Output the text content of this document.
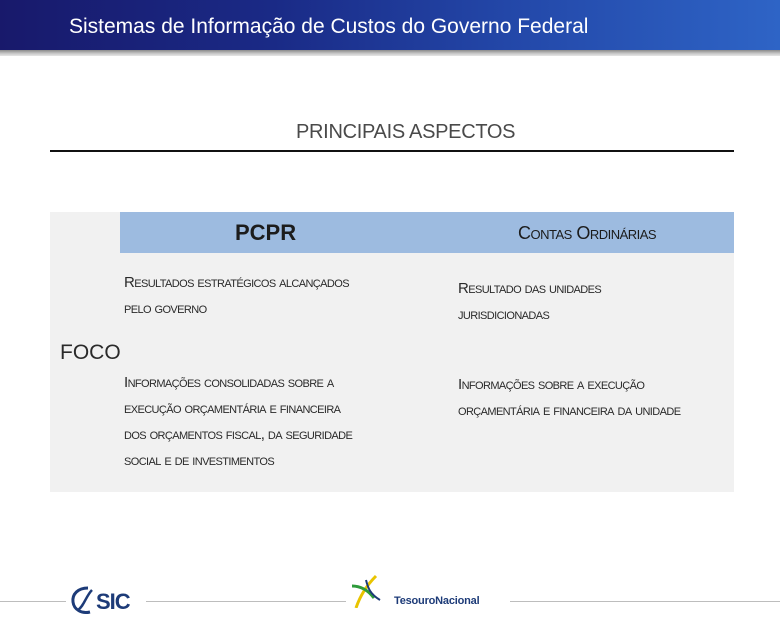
Sistemas de Informação de Custos do Governo Federal
PRINCIPAIS ASPECTOS
PCPR	Contas Ordinárias
FOCO
Resultados estratégicos alcançados
pelo governo
Informações consolidadas sobre a
execução orçamentária e financeira
dos orçamentos fiscal, da seguridade
social e de investimentos
Resultado das unidades
jurisdicionadas
Informações sobre a execução
orçamentária e financeira da unidade
SIC	TesouroNacional
